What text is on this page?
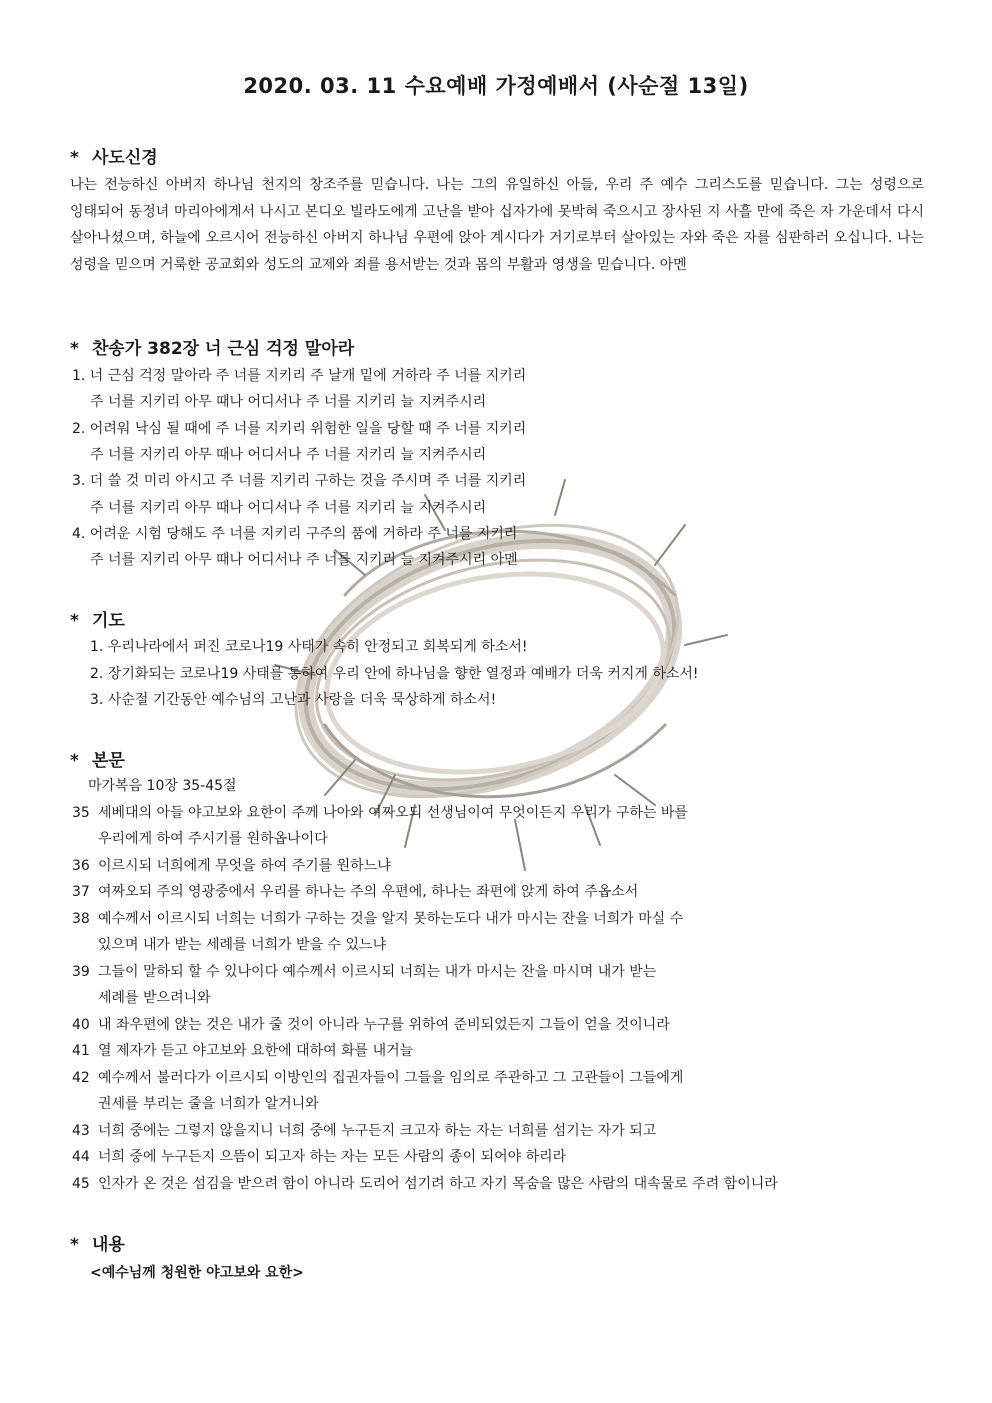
2020. 03. 11 수요예배 가정예배서 (사순절 13일)
* 사도신경
나는 전능하신 아버지 하나님 천지의 창조주를 믿습니다. 나는 그의 유일하신 아들, 우리 주 예수 그리스도를 믿습니다. 그는 성령으로 잉태되어 동정녀 마리아에게서 나시고 본디오 빌라도에게 고난을 받아 십자가에 못박혀 죽으시고 장사된 지 사흘 만에 죽은 자 가운데서 다시 살아나셨으며, 하늘에 오르시어 전능하신 아버지 하나님 우편에 앉아 계시다가 거기로부터 살아있는 자와 죽은 자를 심판하러 오십니다. 나는 성령을 믿으며 거룩한 공교회와 성도의 교제와 죄를 용서받는 것과 몸의 부활과 영생을 믿습니다. 아멘
* 찬송가 382장 너 근심 걱정 말아라
1. 너 근심 걱정 말아라 주 너를 지키리 주 날개 밑에 거하라 주 너를 지키리
주 너를 지키리 아무 때나 어디서나 주 너를 지키리 늘 지켜주시리
2. 어려워 낙심 될 때에 주 너를 지키리 위험한 일을 당할 때 주 너를 지키리
주 너를 지키리 아무 때나 어디서나 주 너를 지키리 늘 지켜주시리
3. 더 쓸 것 미리 아시고 주 너를 지키리 구하는 것을 주시며 주 너를 지키리
주 너를 지키리 아무 때나 어디서나 주 너를 지키리 늘 지켜주시리
4. 어려운 시험 당해도 주 너를 지키리 구주의 품에 거하라 주 너를 지키리
주 너를 지키리 아무 때나 어디서나 주 너를 지키리 늘 지켜주시리 아멘
* 기도
1. 우리나라에서 퍼진 코로나19 사태가 속히 안정되고 회복되게 하소서!
2. 장기화되는 코로나19 사태를 통하여 우리 안에 하나님을 향한 열정과 예배가 더욱 커지게 하소서!
3. 사순절 기간동안 예수님의 고난과 사랑을 더욱 묵상하게 하소서!
* 본문
마가복음 10장 35-45절
35 세베대의 아들 야고보와 요한이 주께 나아와 여짜오되 선생님이여 무엇이든지 우리가 구하는 바를
우리에게 하여 주시기를 원하옵나이다
36 이르시되 너희에게 무엇을 하여 주기를 원하느냐
37 여짜오되 주의 영광중에서 우리를 하나는 주의 우편에, 하나는 좌편에 앉게 하여 주옵소서
38 예수께서 이르시되 너희는 너희가 구하는 것을 알지 못하는도다 내가 마시는 잔을 너희가 마실 수
있으며 내가 받는 세례를 너희가 받을 수 있느냐
39 그들이 말하되 할 수 있나이다 예수께서 이르시되 너희는 내가 마시는 잔을 마시며 내가 받는
세례를 받으려니와
40 내 좌우편에 앉는 것은 내가 줄 것이 아니라 누구를 위하여 준비되었든지 그들이 얻을 것이니라
41 열 제자가 듣고 야고보와 요한에 대하여 화를 내거늘
42 예수께서 불러다가 이르시되 이방인의 집권자들이 그들을 임의로 주관하고 그 고관들이 그들에게
권세를 부리는 줄을 너희가 알거니와
43 너희 중에는 그렇지 않을지니 너희 중에 누구든지 크고자 하는 자는 너희를 섬기는 자가 되고
44 너희 중에 누구든지 으뜸이 되고자 하는 자는 모든 사람의 종이 되어야 하리라
45 인자가 온 것은 섬김을 받으려 함이 아니라 도리어 섬기려 하고 자기 목숨을 많은 사람의 대속물로 주려 함이니라
* 내용
<예수님께 청원한 야고보와 요한>
